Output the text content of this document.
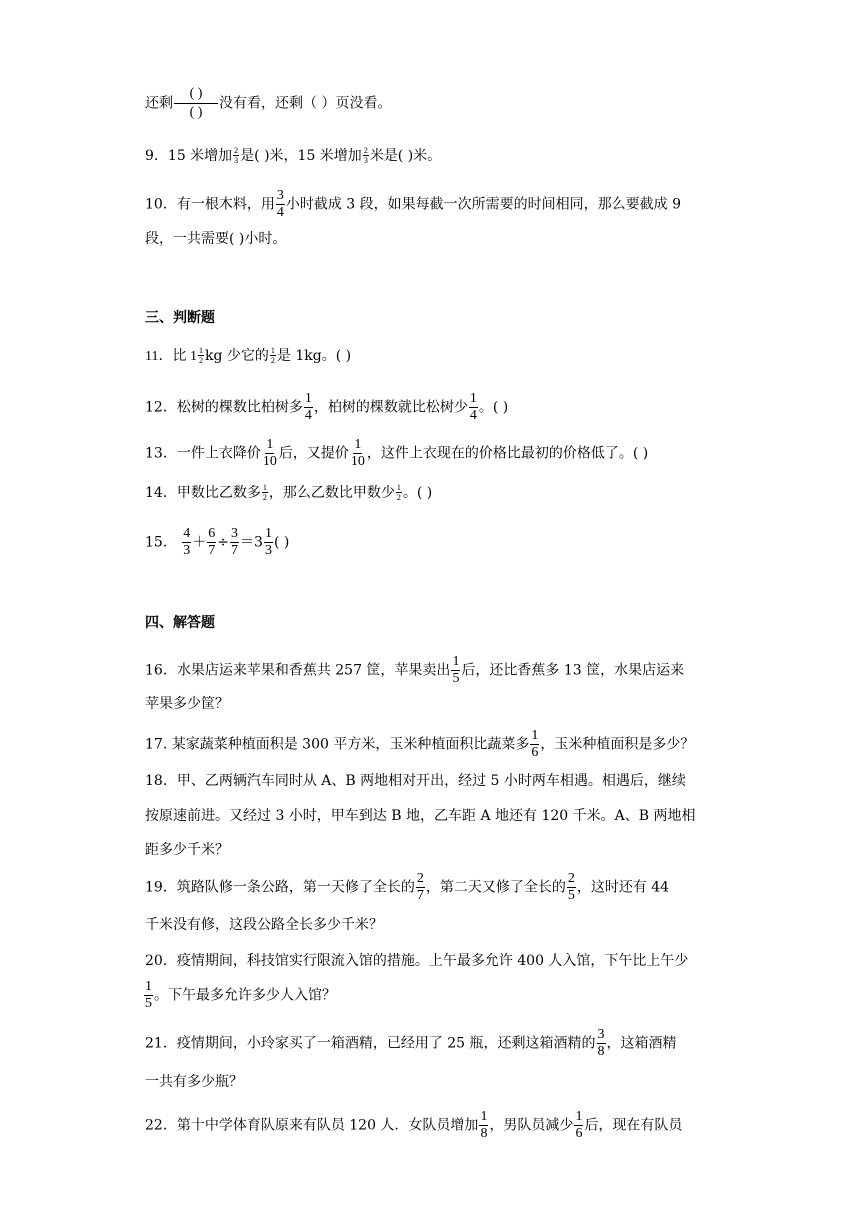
还剩 $\frac{( )}{( )}$ 没有看，还剩（ ）页没看。
9．15 米增加 $\frac{2}{3}$ 是( )米，15 米增加 $\frac{2}{3}$ 米是( )米。
10．有一根木料，用 $\frac{3}{4}$ 小时截成 3 段，如果每截一次所需要的时间相同，那么要截成 9
段，一共需要( )小时。
三、判断题
11．比 $1 \frac{1}{2}$ kg 少它的 $\frac{1}{2}$ 是 1kg。( )
12．松树的棵数比柏树多 $\frac{1}{4}$ ，柏树的棵数就比松树少 $\frac{1}{4}$ 。( )
13．一件上衣降价 $\frac{1}{10}$ 后，又提价 $\frac{1}{10}$ ，这件上衣现在的价格比最初的价格低了。( )
14．甲数比乙数多 $\frac{1}{2}$ ，那么乙数比甲数少 $\frac{1}{2}$ 。( )
15． $\frac{4}{3} + \frac{6}{7} \div \frac{3}{7} =3 \frac{1}{3}$ ( )
四、解答题
16．水果店运来苹果和香蕉共 257 筐，苹果卖出 $\frac{1}{5}$ 后，还比香蕉多 13 筐，水果店运来
苹果多少筐？
17. 某家蔬菜种植面积是 300 平方米，玉米种植面积比蔬菜多 $\frac{1}{6}$ ，玉米种植面积是多少？
18．甲、乙两辆汽车同时从 A、B 两地相对开出，经过 5 小时两车相遇。相遇后，继续
按原速前进。又经过 3 小时，甲车到达 B 地，乙车距 A 地还有 120 千米。A、B 两地相
距多少千米？
19．筑路队修一条公路，第一天修了全长的 $\frac{2}{7}$ ，第二天又修了全长的 $\frac{2}{5}$ ，这时还有 44
千米没有修，这段公路全长多少千米？
20．疫情期间，科技馆实行限流入馆的措施。上午最多允许 400 人入馆，下午比上午少
$\frac{1}{5}$ 。下午最多允许多少人入馆？
21．疫情期间，小玲家买了一箱酒精，已经用了 25 瓶，还剩这箱酒精的 $\frac{3}{8}$ ，这箱酒精
一共有多少瓶？
22．第十中学体育队原来有队员 120 人．女队员增加 $\frac{1}{8}$ ，男队员减少 $\frac{1}{6}$ 后，现在有队员
